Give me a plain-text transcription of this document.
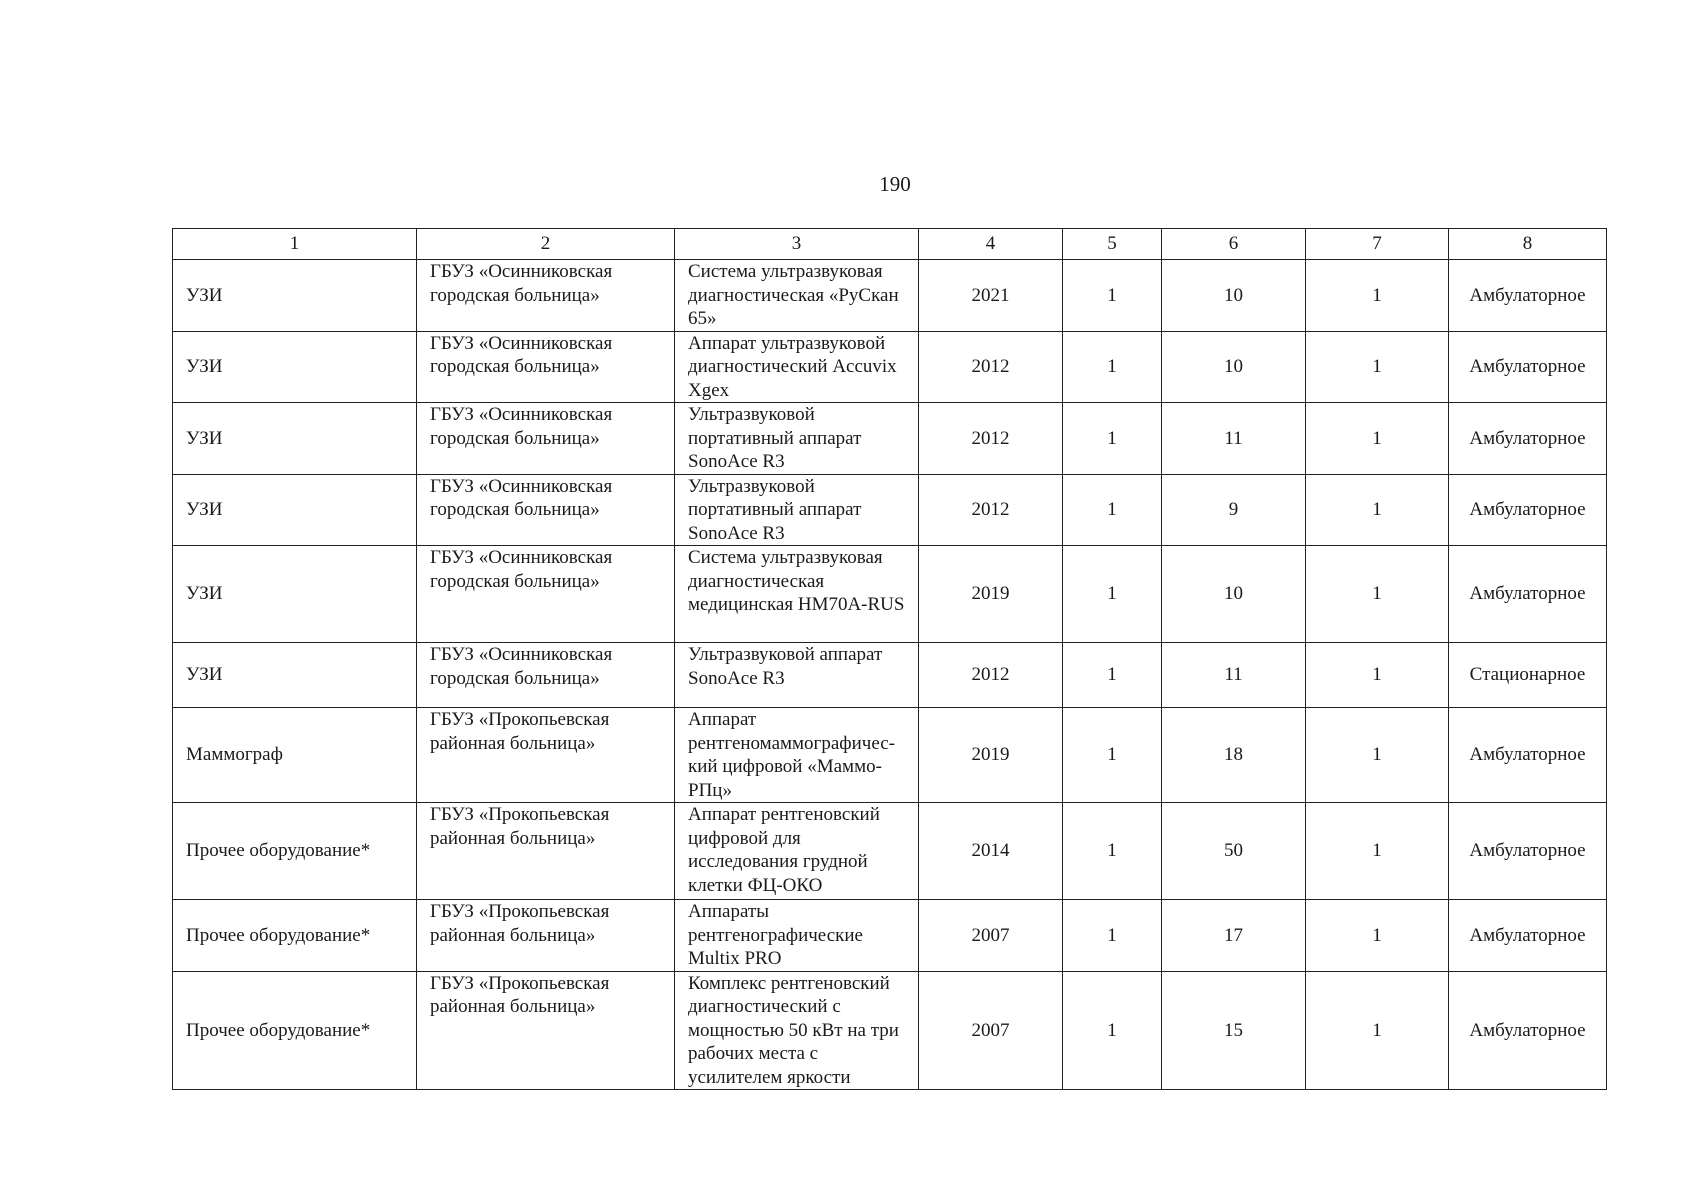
190
1	2	3	4	5	6	7	8
УЗИ	ГБУЗ «Осинниковская городская больница»	Система ультразвуковая диагностическая «РуСкан 65»	2021	1	10	1	Амбулаторное
УЗИ	ГБУЗ «Осинниковская городская больница»	Аппарат ультразвуковой диагностический Accuvix Xgex	2012	1	10	1	Амбулаторное
УЗИ	ГБУЗ «Осинниковская городская больница»	Ультразвуковой портативный аппарат SonoAce R3	2012	1	11	1	Амбулаторное
УЗИ	ГБУЗ «Осинниковская городская больница»	Ультразвуковой портативный аппарат SonoAce R3	2012	1	9	1	Амбулаторное
УЗИ	ГБУЗ «Осинниковская городская больница»	Система ультразвуковая диагностическая медицинская HM70A-RUS	2019	1	10	1	Амбулаторное
УЗИ	ГБУЗ «Осинниковская городская больница»	Ультразвуковой аппарат SonoAce R3	2012	1	11	1	Стационарное
Маммограф	ГБУЗ «Прокопьевская районная больница»	Аппарат рентгеномаммографичес-кий цифровой «Маммо-РПц»	2019	1	18	1	Амбулаторное
Прочее оборудование*	ГБУЗ «Прокопьевская районная больница»	Аппарат рентгеновский цифровой для исследования грудной клетки ФЦ-ОКО	2014	1	50	1	Амбулаторное
Прочее оборудование*	ГБУЗ «Прокопьевская районная больница»	Аппараты рентгенографические Multix PRO	2007	1	17	1	Амбулаторное
Прочее оборудование*	ГБУЗ «Прокопьевская районная больница»	Комплекс рентгеновский диагностический с мощностью 50 кВт на три рабочих места с усилителем яркости	2007	1	15	1	Амбулаторное
